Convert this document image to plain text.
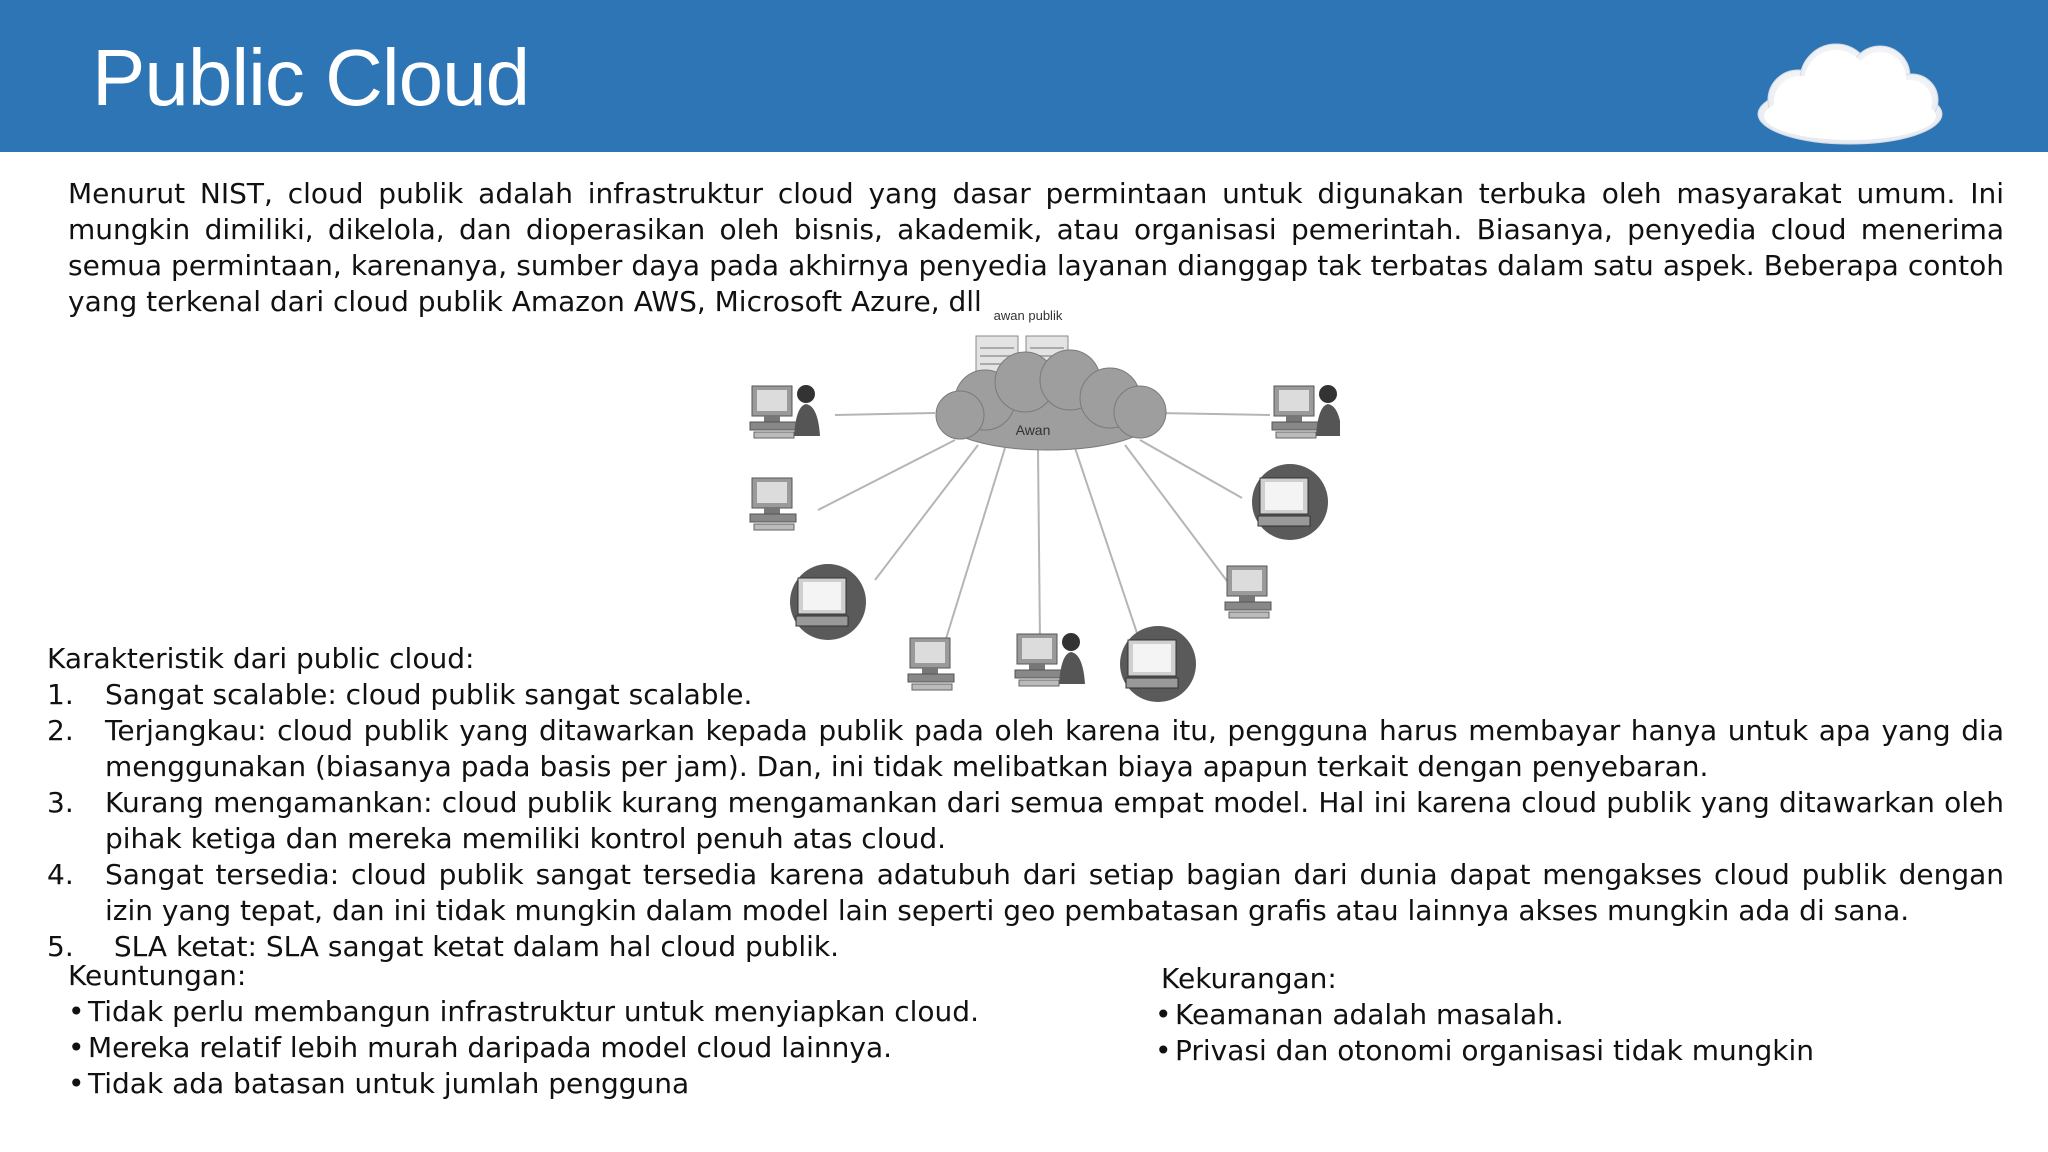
Public Cloud

Menurut NIST, cloud publik adalah infrastruktur cloud yang dasar permintaan untuk digunakan terbuka oleh masyarakat umum. Ini mungkin dimiliki, dikelola, dan dioperasikan oleh bisnis, akademik, atau organisasi pemerintah. Biasanya, penyedia cloud menerima semua permintaan, karenanya, sumber daya pada akhirnya penyedia layanan dianggap tak terbatas dalam satu aspek. Beberapa contoh yang terkenal dari cloud publik Amazon AWS, Microsoft Azure, dll awan publik
Awan

Karakteristik dari public cloud:

1. Sangat scalable: cloud publik sangat scalable.
2. Terjangkau: cloud publik yang ditawarkan kepada publik pada oleh karena itu, pengguna harus membayar hanya untuk apa yang dia menggunakan (biasanya pada basis per jam). Dan, ini tidak melibatkan biaya apapun terkait dengan penyebaran.
3. Kurang mengamankan: cloud publik kurang mengamankan dari semua empat model. Hal ini karena cloud publik yang ditawarkan oleh pihak ketiga dan mereka memiliki kontrol penuh atas cloud.
4. Sangat tersedia: cloud publik sangat tersedia karena adatubuh dari setiap bagian dari dunia dapat mengakses cloud publik dengan izin yang tepat, dan ini tidak mungkin dalam model lain seperti geo pembatasan grafis atau lainnya akses mungkin ada di sana.
5. SLA ketat: SLA sangat ketat dalam hal cloud publik.
Keuntungan:
• Tidak perlu membangun infrastruktur untuk menyiapkan cloud.
• Mereka relatif lebih murah daripada model cloud lainnya.
• Tidak ada batasan untuk jumlah pengguna
Kekurangan:
• Keamanan adalah masalah.
• Privasi dan otonomi organisasi tidak mungkin
